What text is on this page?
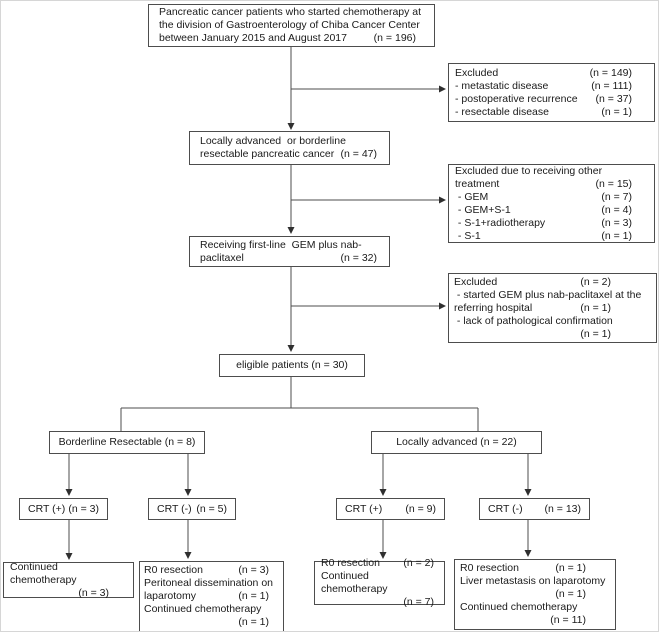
Pancreatic cancer patients who started chemotherapy at
the division of Gastroenterology of Chiba Cancer Center
between January 2015 and August 2017	(n = 196)
Excluded	(n = 149)
- metastatic disease	(n = 111)
- postoperative recurrence (n = 37)
- resectable disease	(n = 1)
Locally advanced  or borderline
resectable pancreatic cancer (n = 47)
Excluded due to receiving other
treatment	(n = 15)
- GEM	(n = 7)
- GEM+S-1	(n = 4)
- S-1+radiotherapy	(n = 3)
- S-1	(n = 1)
Receiving first-line  GEM plus nab-
paclitaxel	(n = 32)
Excluded	(n = 2)
- started GEM plus nab-paclitaxel at the
referring hospital	(n = 1)
- lack of pathological confirmation
(n = 1)
eligible patients (n = 30)
Borderline Resectable (n = 8)	Locally advanced (n = 22)
CRT (+) (n = 3)	CRT (-) (n = 5)	CRT (+) (n = 9)	CRT (-) (n = 13)
Continued chemotherapy
(n = 3)
R0 resection	(n = 3)
Peritoneal dissemination on
laparotomy	(n = 1)
Continued chemotherapy
(n = 1)
R0 resection (n = 2)
Continued chemotherapy
(n = 7)
R0 resection	(n = 1)
Liver metastasis on laparotomy
(n = 1)
Continued chemotherapy
(n = 11)
